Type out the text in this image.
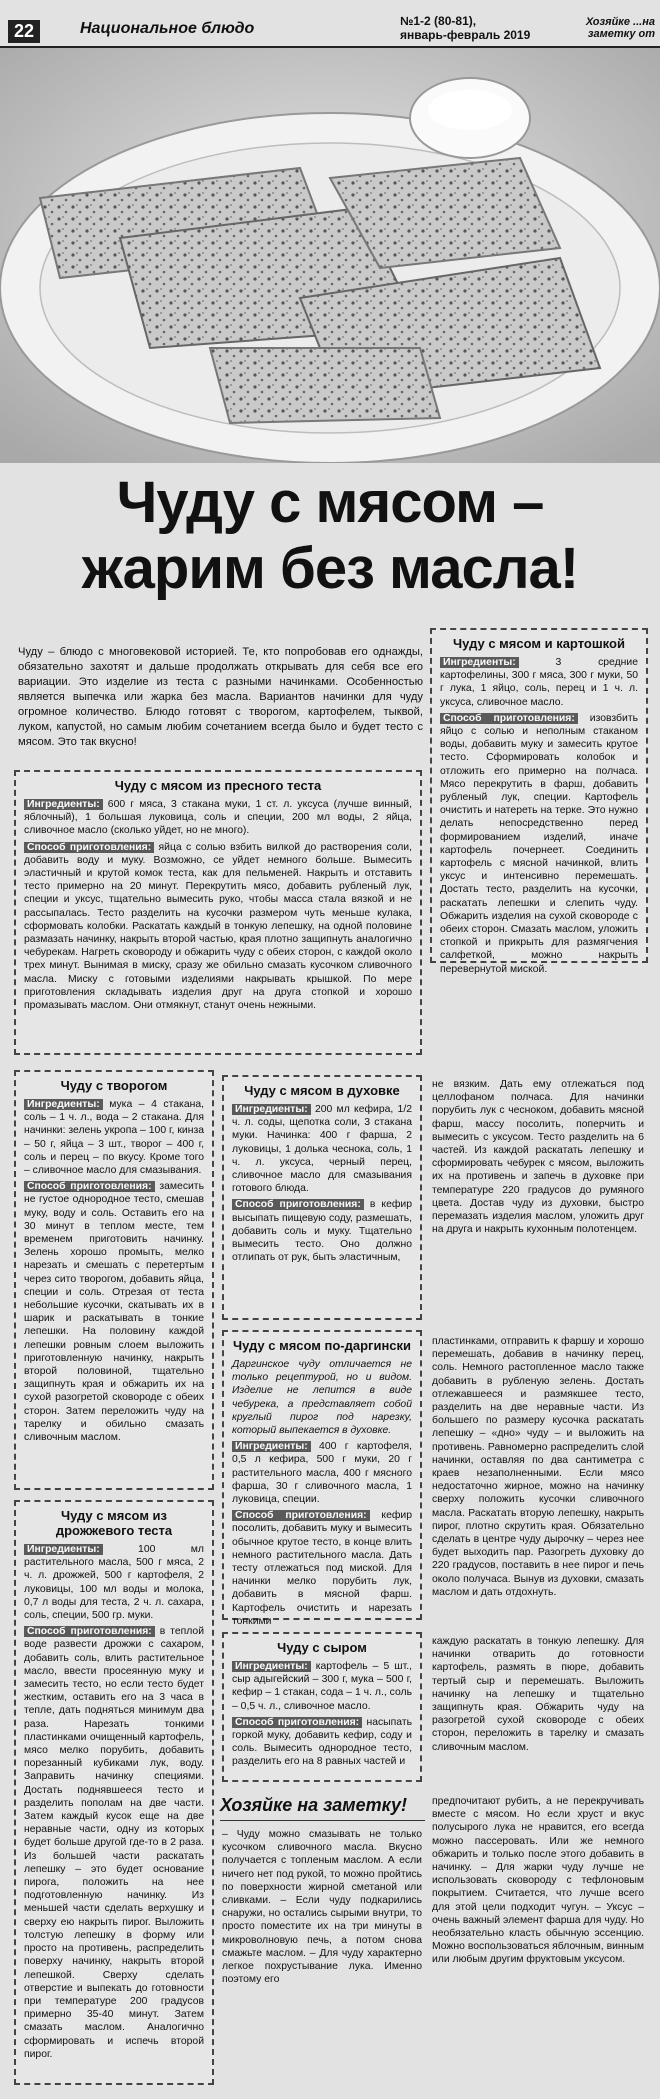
22	Национальное блюдо	№1-2 (80-81),
январь-февраль 2019
Хозяйке ...на заметку от
Чуду с мясом –
жарим без масла!
Чуду – блюдо с многовековой историей. Те, кто попробовав его однажды, обязательно захотят и дальше продолжать открывать для себя все его вариации. Это изделие из теста с разными начинками. Особенностью является выпечка или жарка без масла. Вариантов начинки для чуду огромное количество. Блюдо готовят с творогом, картофелем, тыквой, луком, капустой, но самым любим сочетанием всегда было и будет тесто с мясом. Это так вкусно!
Чуду с мясом и картошкой

Ингредиенты: 3 средние картофелины, 300 г мяса, 300 г муки, 50 г лука, 1 яйцо, соль, перец и 1 ч. л. уксуса, сливочное масло.

Способ приготовления: изовзбить яйцо с солью и неполным стаканом воды, добавить муку и замесить крутое тесто. Сформировать колобок и отложить его примерно на полчаса. Мясо перекрутить в фарш, добавить рубленый лук, специи. Картофель очистить и натереть на терке. Это нужно делать непосредственно перед формированием изделий, иначе картофель почернеет. Соединить картофель с мясной начинкой, влить уксус и интенсивно перемешать. Достать тесто, разделить на кусочки, раскатать лепешки и слепить чуду. Обжарить изделия на сухой сковороде с обеих сторон. Смазать маслом, уложить стопкой и прикрыть для размягчения салфеткой, можно накрыть перевернутой миской.

Чуду с мясом из пресного теста

Ингредиенты: 600 г мяса, 3 стакана муки, 1 ст. л. уксуса (лучше винный, яблочный), 1 большая луковица, соль и специи, 200 мл воды, 2 яйца, сливочное масло (сколько уйдет, но не много).

Способ приготовления: яйца с солью взбить вилкой до растворения соли, добавить воду и муку. Возможно, се уйдет немного больше. Вымесить эластичный и крутой комок теста, как для пельменей. Накрыть и отставить тесто примерно на 20 минут. Перекрутить мясо, добавить рубленый лук, специи и уксус, тщательно вымесить руко, чтобы масса стала вязкой и не рассыпалась. Тесто разделить на кусочки размером чуть меньше кулака, сформовать колобки. Раскатать каждый в тонкую лепешку, на одной половине размазать начинку, накрыть второй частью, края плотно защипнуть аналогично чебурекам. Нагреть сковороду и обжарить чуду с обеих сторон, с каждой около трех минут. Вынимая в миску, сразу же обильно смазать кусочком сливочного масла. Миску с готовыми изделиями накрывать крышкой. По мере приготовления складывать изделия друг на друга стопкой и хорошо промазывать маслом. Они отмякнут, станут очень нежными.

Чуду с творогом

Ингредиенты: мука – 4 стакана, соль – 1 ч. л., вода – 2 стакана. Для начинки: зелень укропа – 100 г, кинза – 50 г, яйца – 3 шт., творог – 400 г, соль и перец – по вкусу. Кроме того – сливочное масло для смазывания.

Способ приготовления: замесить не густое однородное тесто, смешав муку, воду и соль. Оставить его на 30 минут в теплом месте, тем временем приготовить начинку. Зелень хорошо промыть, мелко нарезать и смешать с перетертым через сито творогом, добавить яйца, специи и соль. Отрезая от теста небольшие кусочки, скатывать их в шарик и раскатывать в тонкие лепешки. На половину каждой лепешки ровным слоем выложить приготовленную начинку, накрыть второй половиной, тщательно защипнуть края и обжарить их на сухой разогретой сковороде с обеих сторон. Затем переложить чуду на тарелку и обильно смазать сливочным маслом.

Чуду с мясом в духовке

Ингредиенты: 200 мл кефира, 1/2 ч. л. соды, щепотка соли, 3 стакана муки. Начинка: 400 г фарша, 2 луковицы, 1 долька чеснока, соль, 1 ч. л. уксуса, черный перец, сливочное масло для смазывания готового блюда.

Способ приготовления: в кефир высыпать пищевую соду, размешать, добавить соль и муку. Тщательно вымесить тесто. Оно должно отлипать от рук, быть эластичным,

не вязким. Дать ему отлежаться под целлофаном полчаса. Для начинки порубить лук с чесноком, добавить мясной фарш, массу посолить, поперчить и вымесить с уксусом. Тесто разделить на 6 частей. Из каждой раскатать лепешку и сформировать чебурек с мясом, выложить их на противень и запечь в духовке при температуре 220 градусов до румяного цвета. Достав чуду из духовки, быстро перемазать изделия маслом, уложить друг на друга и накрыть кухонным полотенцем.
Чуду с мясом по-даргински

Даргинское чуду отличается не только рецептурой, но и видом. Изделие не лепится в виде чебурека, а представляет собой круглый пирог под нарезку, который выпекается в духовке.

Ингредиенты: 400 г картофеля, 0,5 л кефира, 500 г муки, 20 г растительного масла, 400 г мясного фарша, 30 г сливочного масла, 1 луковица, специи.

Способ приготовления: кефир посолить, добавить муку и вымесить обычное крутое тесто, в конце влить немного растительного масла. Дать тесту отлежаться под миской. Для начинки мелко порубить лук, добавить в мясной фарш. Картофель очистить и нарезать тонкими

пластинками, отправить к фаршу и хорошо перемешать, добавив в начинку перец, соль. Немного растопленное масло также добавить в рубленую зелень. Достать отлежавшееся и размякшее тесто, разделить на две неравные части. Из большего по размеру кусочка раскатать лепешку – «дно» чуду – и выложить на противень. Равномерно распределить слой начинки, оставляя по два сантиметра с краев незаполненными. Если мясо недостаточно жирное, можно на начинку сверху положить кусочки сливочного масла. Раскатать вторую лепешку, накрыть пирог, плотно скрутить края. Обязательно сделать в центре чуду дырочку – через нее будет выходить пар. Разогреть духовку до 220 градусов, поставить в нее пирог и печь около получаса. Вынув из духовки, смазать маслом и дать отдохнуть.
Чуду с мясом из дрожжевого теста

Ингредиенты: 100 мл растительного масла, 500 г мяса, 2 ч. л. дрожжей, 500 г картофеля, 2 луковицы, 100 мл воды и молока, 0,7 л воды для теста, 2 ч. л. сахара, соль, специи, 500 гр. муки.

Способ приготовления: в теплой воде развести дрожжи с сахаром, добавить соль, влить растительное масло, ввести просеянную муку и замесить тесто, но если тесто будет жестким, оставить его на 3 часа в тепле, дать подняться минимум два раза. Нарезать тонкими пластинками очищенный картофель, мясо мелко порубить, добавить порезанный кубиками лук, воду. Заправить начинку специями. Достать поднявшееся тесто и разделить пополам на две части. Затем каждый кусок еще на две неравные части, одну из которых будет больше другой где-то в 2 раза. Из большей части раскатать лепешку – это будет основание пирога, положить на нее подготовленную начинку. Из меньшей части сделать верхушку и сверху ею накрыть пирог. Выложить толстую лепешку в форму или просто на противень, распределить поверху начинку, накрыть второй лепешкой. Сверху сделать отверстие и выпекать до готовности при температуре 200 градусов примерно 35-40 минут. Затем смазать маслом. Аналогично сформировать и испечь второй пирог.

Чуду с сыром

Ингредиенты: картофель – 5 шт., сыр адыгейский – 300 г, мука – 500 г, кефир – 1 стакан, сода – 1 ч. л., соль – 0,5 ч. л., сливочное масло.

Способ приготовления: насыпать горкой муку, добавить кефир, соду и соль. Вымесить однородное тесто, разделить его на 8 равных частей и

каждую раскатать в тонкую лепешку. Для начинки отварить до готовности картофель, размять в пюре, добавить тертый сыр и перемешать. Выложить начинку на лепешку и тщательно защипнуть края. Обжарить чуду на разогретой сухой сковороде с обеих сторон, переложить в тарелку и смазать сливочным маслом.
Хозяйке на заметку!
– Чуду можно смазывать не только кусочком сливочного масла. Вкусно получается с топленым маслом. А если ничего нет под рукой, то можно пройтись по поверхности жирной сметаной или сливками. – Если чуду подкарились снаружи, но остались сырыми внутри, то просто поместите их на три минуты в микроволновую печь, а потом снова смажьте маслом. – Для чуду характерно легкое похрустывание лука. Именно поэтому его
предпочитают рубить, а не перекручивать вместе с мясом. Но если хруст и вкус полусырого лука не нравится, его всегда можно пассеровать. Или же немного обжарить и только после этого добавить в начинку. – Для жарки чуду лучше не использовать сковороду с тефлоновым покрытием. Считается, что лучше всего для этой цели подходит чугун. – Уксус – очень важный элемент фарша для чуду. Но необязательно класть обычную эссенцию. Можно воспользоваться яблочным, винным или любым другим фруктовым уксусом.
